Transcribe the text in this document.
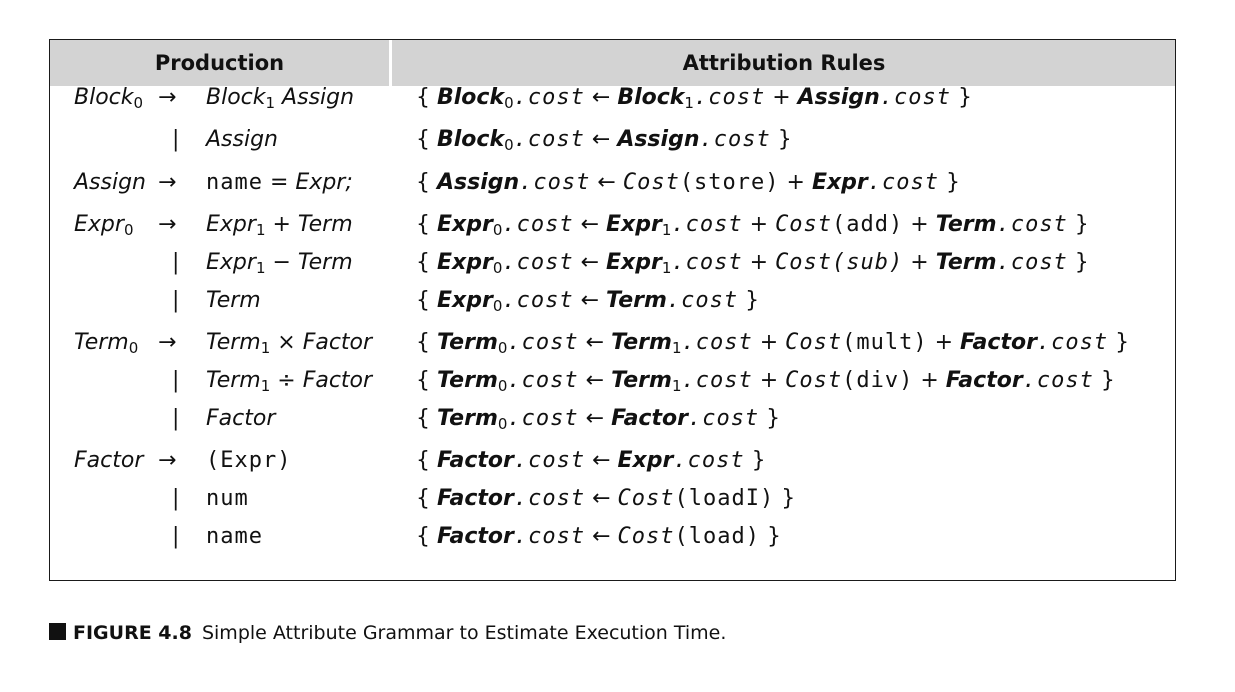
Production	Attribution Rules
Block$_0$ → Block$_1$ Assign	{ Block$_0$.cost ← Block$_1$.cost + Assign.cost }
| Assign	{ Block$_0$.cost ← Assign.cost }
Assign → name = Expr;	{ Assign.cost ← Cost(store) + Expr.cost }
Expr$_0$ → Expr$_1$ + Term	{ Expr$_0$.cost ← Expr$_1$.cost + Cost(add) + Term.cost }
| Expr$_1$ − Term	{ Expr$_0$.cost ← Expr$_1$.cost + Cost(sub) + Term.cost }
| Term	{ Expr$_0$.cost ← Term.cost }
Term$_0$ → Term$_1$ × Factor { Term$_0$.cost ← Term$_1$.cost + Cost(mult) + Factor.cost }
| Term$_1$ ÷ Factor { Term$_0$.cost ← Term$_1$.cost + Cost(div) + Factor.cost }
| Factor	{ Term$_0$.cost ← Factor.cost }
Factor → (Expr)	{ Factor.cost ← Expr.cost }
| num	{ Factor.cost ← Cost(loadI) }
| name	{ Factor.cost ← Cost(load) }
FIGURE 4.8 Simple Attribute Grammar to Estimate Execution Time.
